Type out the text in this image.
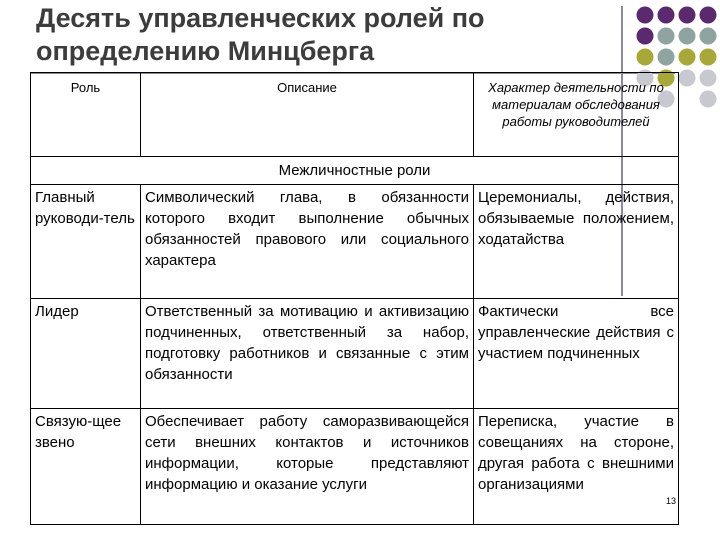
Десять управленческих ролей по
определению Минцберга
Роль	Описание	Характер деятельности по материалам обследования работы руководителей
Межличностные роли		
Главный руководи-тель	Символический глава, в обязанности которого входит выполнение обычных обязанностей правового или социального характера	Церемониалы, действия, обязываемые положением, ходатайства

Лидер	Ответственный за мотивацию и активизацию подчиненных, ответственный за набор, подготовку работников и связанные с этим обязанности	Фактически все управленческие действия с участием подчиненных

Связую-щее звено	Обеспечивает работу саморазвивающейся сети внешних контактов и источников информации, которые представляют информацию и оказание услуги	Переписка, участие в совещаниях на стороне, другая работа с внешними организациями
13
